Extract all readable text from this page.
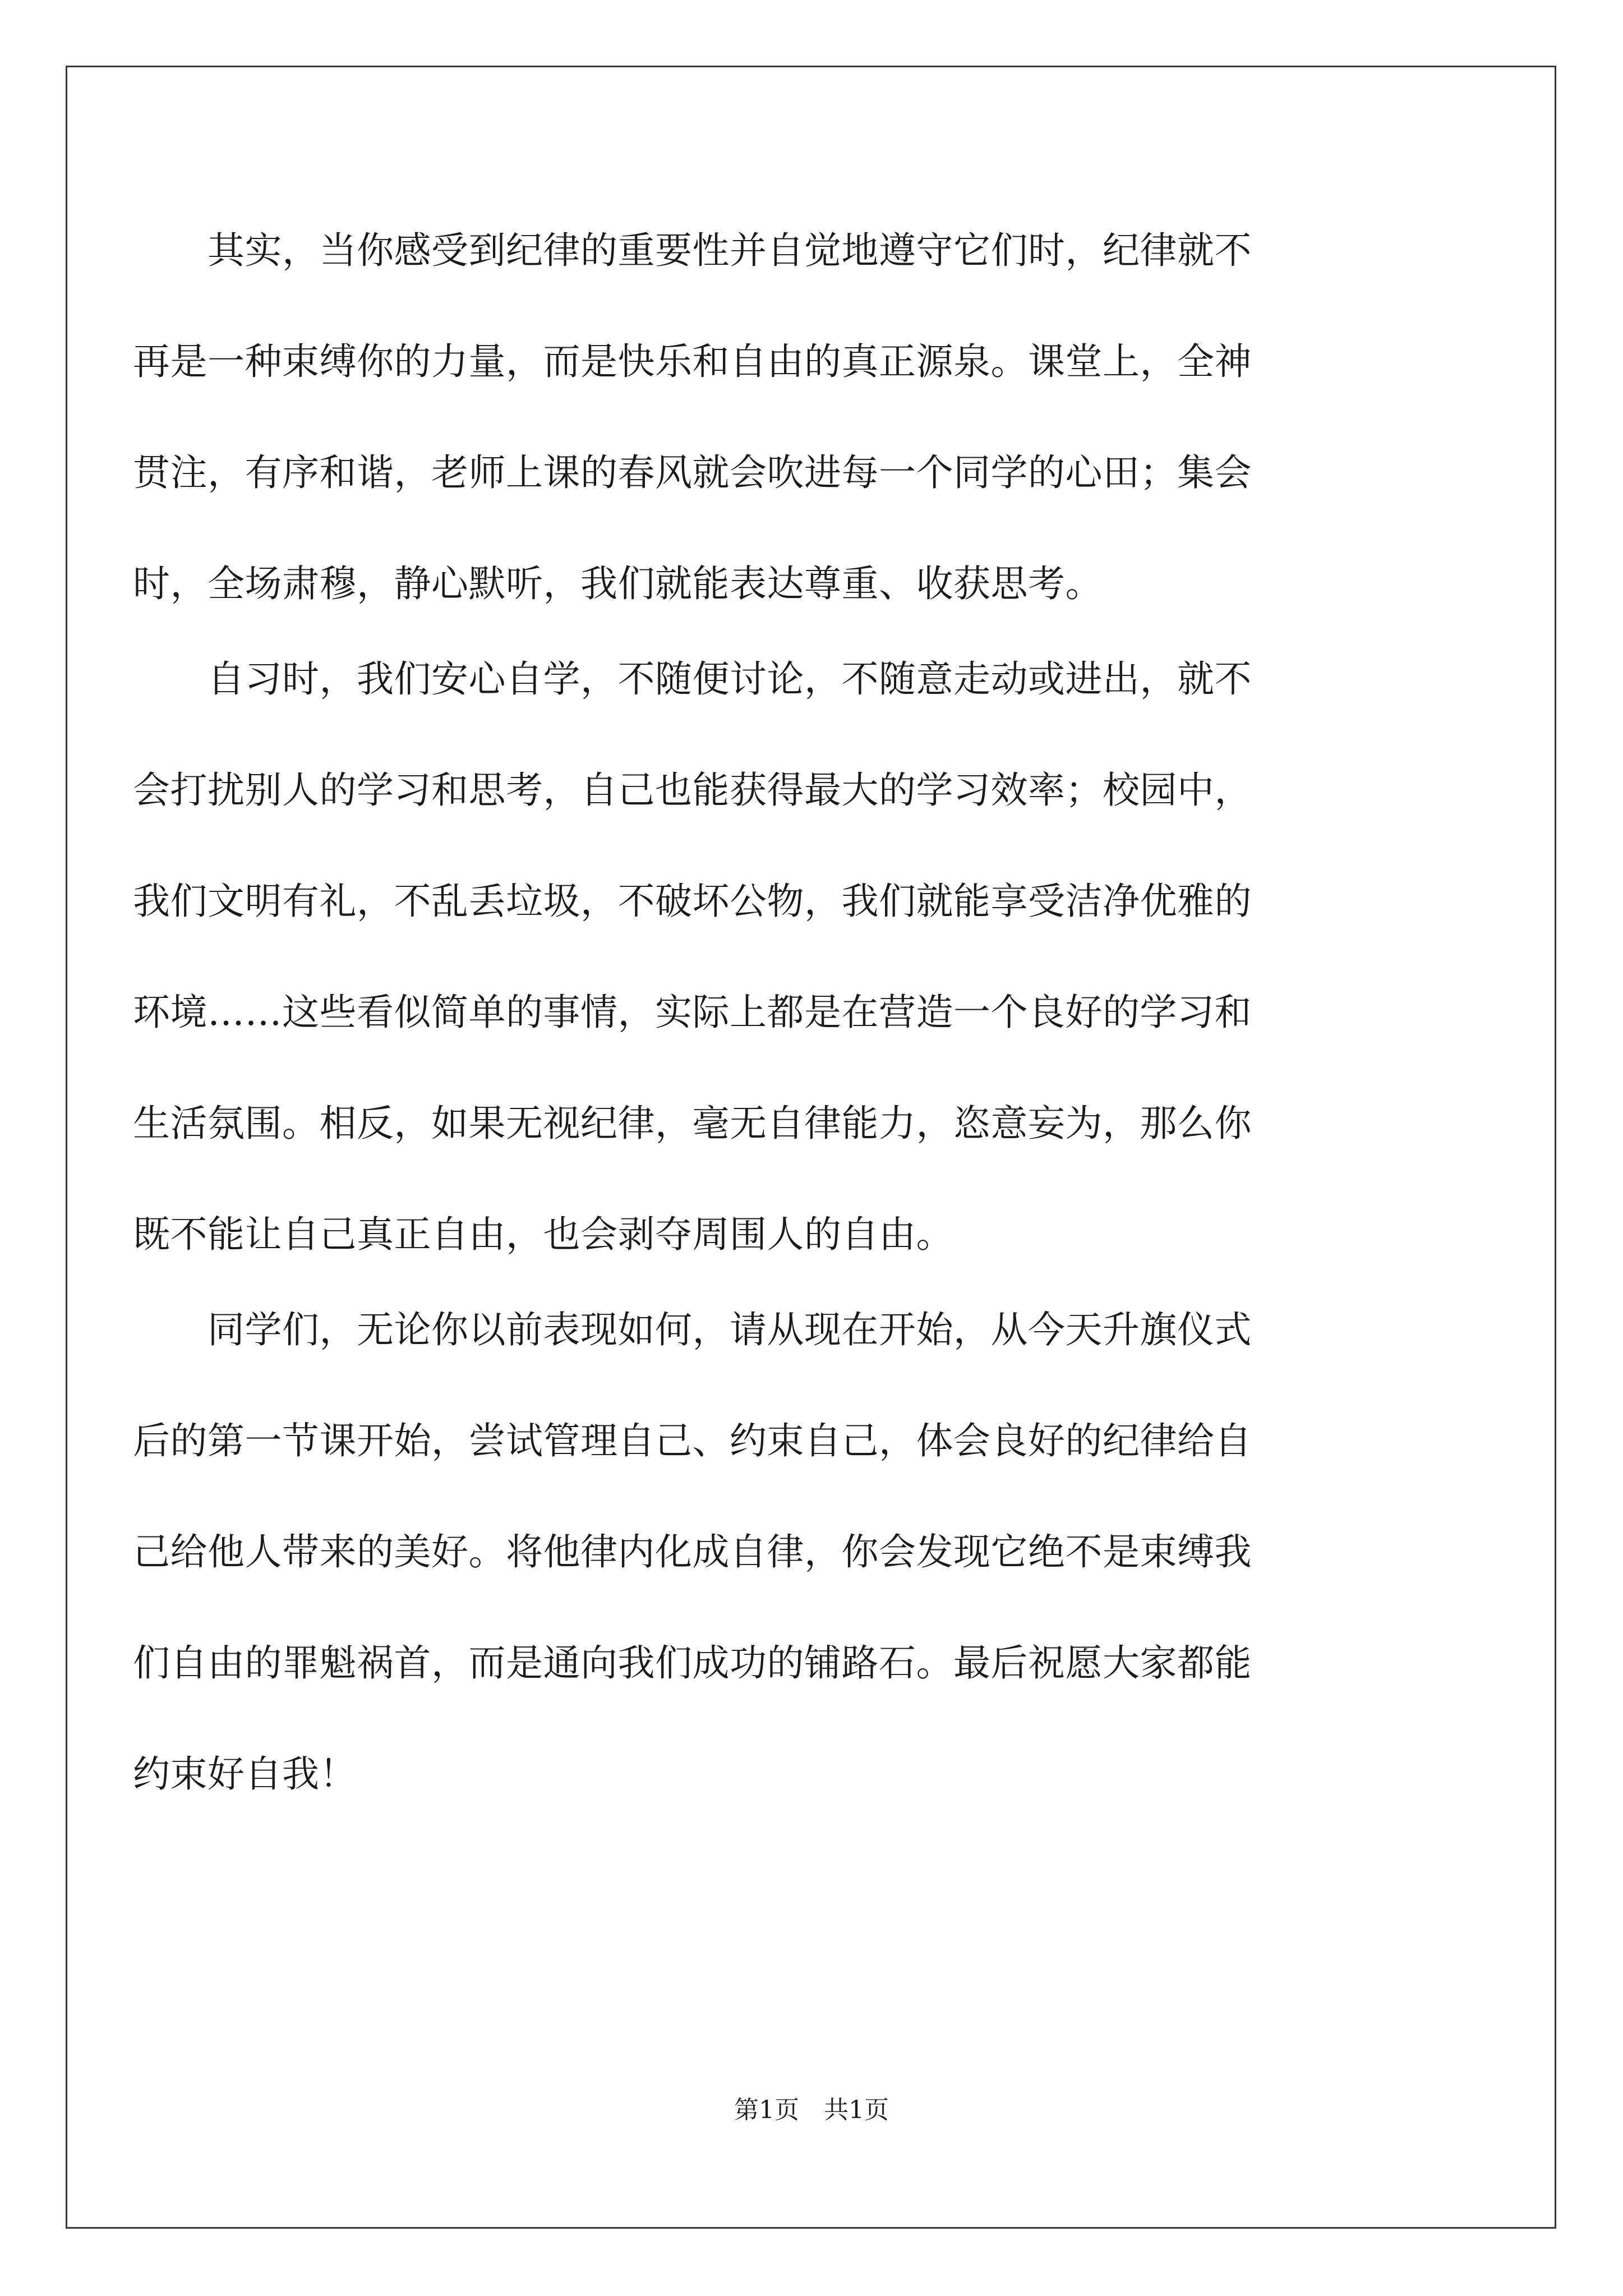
　　其实，当你感受到纪律的重要性并自觉地遵守它们时，纪律就不
再是一种束缚你的力量，而是快乐和自由的真正源泉。课堂上，全神
贯注，有序和谐，老师上课的春风就会吹进每一个同学的心田；集会
时，全场肃穆，静心默听，我们就能表达尊重、收获思考。
　　自习时，我们安心自学，不随便讨论，不随意走动或进出，就不
会打扰别人的学习和思考，自己也能获得最大的学习效率；校园中，
我们文明有礼，不乱丢垃圾，不破坏公物，我们就能享受洁净优雅的
环境……这些看似简单的事情，实际上都是在营造一个良好的学习和
生活氛围。相反，如果无视纪律，毫无自律能力，恣意妄为，那么你
既不能让自己真正自由，也会剥夺周围人的自由。
　　同学们，无论你以前表现如何，请从现在开始，从今天升旗仪式
后的第一节课开始，尝试管理自己、约束自己，体会良好的纪律给自
己给他人带来的美好。将他律内化成自律，你会发现它绝不是束缚我
们自由的罪魁祸首，而是通向我们成功的铺路石。最后祝愿大家都能
约束好自我！
第1页　共1页
